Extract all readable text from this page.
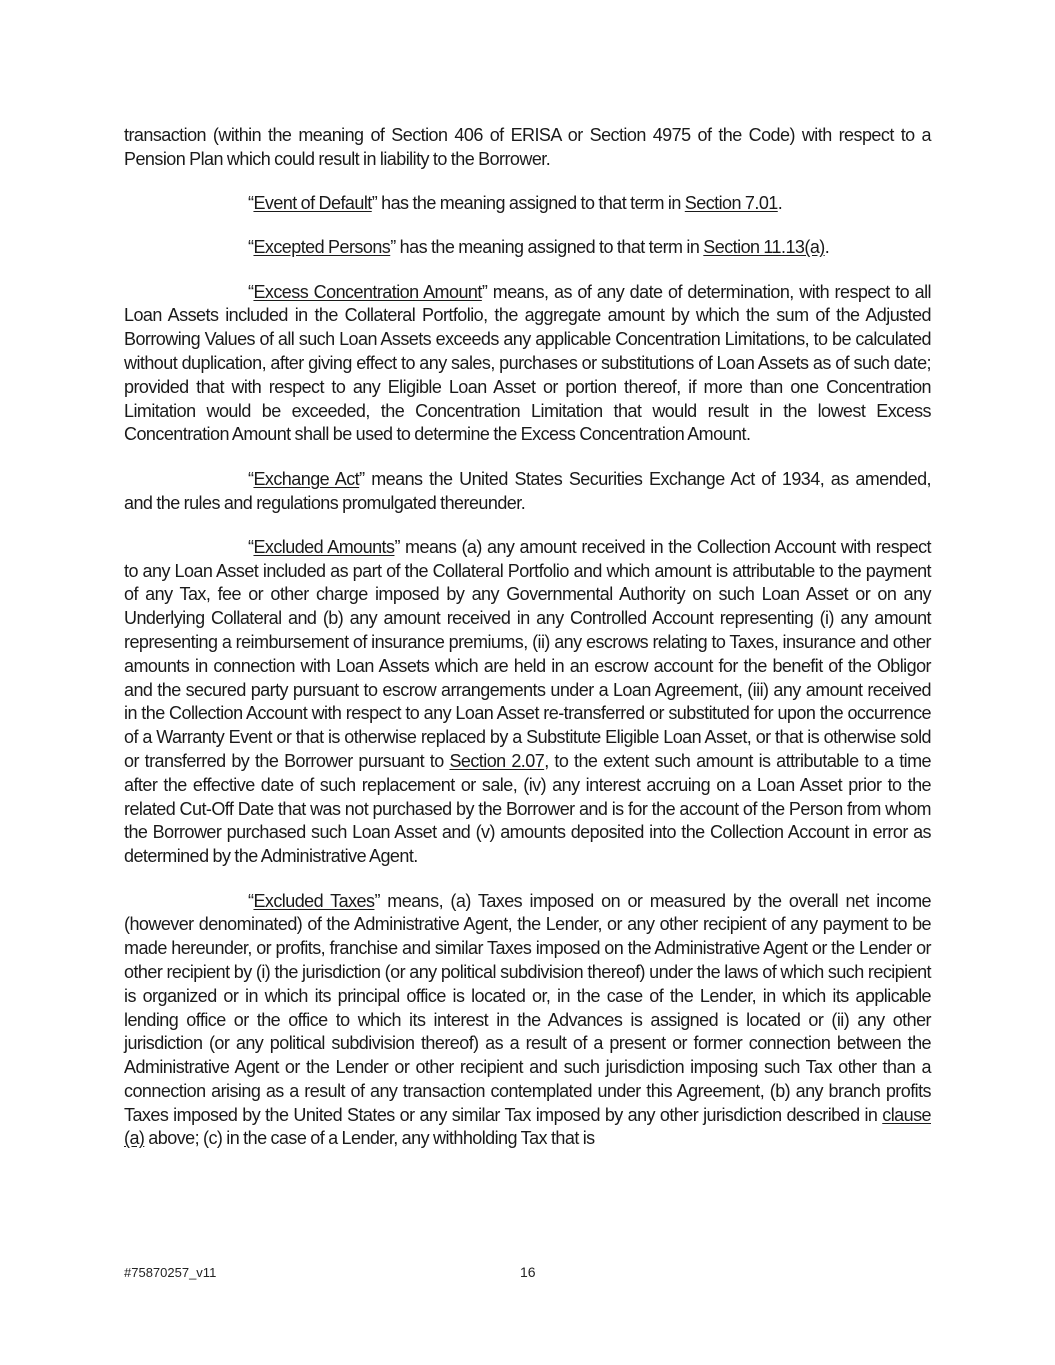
transaction (within the meaning of Section 406 of ERISA or Section 4975 of the Code) with respect to a Pension Plan which could result in liability to the Borrower.

“Event of Default” has the meaning assigned to that term in Section 7.01.

“Excepted Persons” has the meaning assigned to that term in Section 11.13(a).

“Excess Concentration Amount” means, as of any date of determination, with respect to all Loan Assets included in the Collateral Portfolio, the aggregate amount by which the sum of the Adjusted Borrowing Values of all such Loan Assets exceeds any applicable Concentration Limitations, to be calculated without duplication, after giving effect to any sales, purchases or substitutions of Loan Assets as of such date; provided that with respect to any Eligible Loan Asset or portion thereof, if more than one Concentration Limitation would be exceeded, the Concentration Limitation that would result in the lowest Excess Concentration Amount shall be used to determine the Excess Concentration Amount.

“Exchange Act” means the United States Securities Exchange Act of 1934, as amended, and the rules and regulations promulgated thereunder.

“Excluded Amounts” means (a) any amount received in the Collection Account with respect to any Loan Asset included as part of the Collateral Portfolio and which amount is attributable to the payment of any Tax, fee or other charge imposed by any Governmental Authority on such Loan Asset or on any Underlying Collateral and (b) any amount received in any Controlled Account representing (i) any amount representing a reimbursement of insurance premiums, (ii) any escrows relating to Taxes, insurance and other amounts in connection with Loan Assets which are held in an escrow account for the benefit of the Obligor and the secured party pursuant to escrow arrangements under a Loan Agreement, (iii) any amount received in the Collection Account with respect to any Loan Asset re-transferred or substituted for upon the occurrence of a Warranty Event or that is otherwise replaced by a Substitute Eligible Loan Asset, or that is otherwise sold or transferred by the Borrower pursuant to Section 2.07, to the extent such amount is attributable to a time after the effective date of such replacement or sale, (iv) any interest accruing on a Loan Asset prior to the related Cut-Off Date that was not purchased by the Borrower and is for the account of the Person from whom the Borrower purchased such Loan Asset and (v) amounts deposited into the Collection Account in error as determined by the Administrative Agent.

“Excluded Taxes” means, (a) Taxes imposed on or measured by the overall net income (however denominated) of the Administrative Agent, the Lender, or any other recipient of any payment to be made hereunder, or profits, franchise and similar Taxes imposed on the Administrative Agent or the Lender or other recipient by (i) the jurisdiction (or any political subdivision thereof) under the laws of which such recipient is organized or in which its principal office is located or, in the case of the Lender, in which its applicable lending office or the office to which its interest in the Advances is assigned is located or (ii) any other jurisdiction (or any political subdivision thereof) as a result of a present or former connection between the Administrative Agent or the Lender or other recipient and such jurisdiction imposing such Tax other than a connection arising as a result of any transaction contemplated under this Agreement, (b) any branch profits Taxes imposed by the United States or any similar Tax imposed by any other jurisdiction described in clause (a) above; (c) in the case of a Lender, any withholding Tax that is

#75870257_v11	16
